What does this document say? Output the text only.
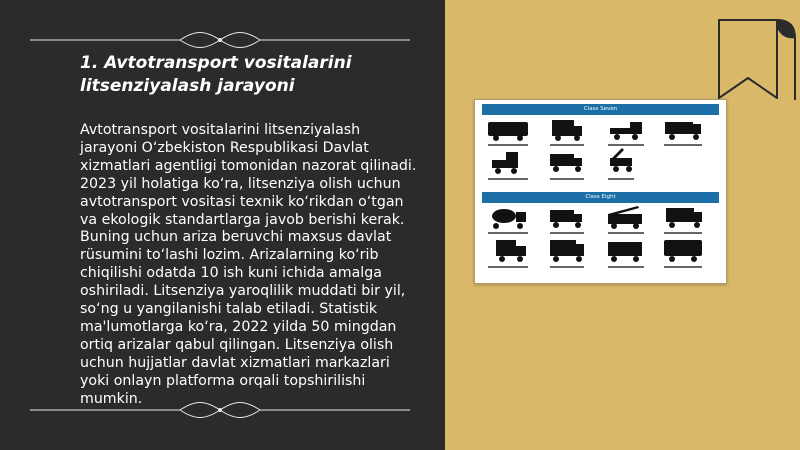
1. Avtotransport vositalarini litsenziyalash jarayoni

Avtotransport vositalarini litsenziyalash jarayoni O‘zbekiston Respublikasi Davlat xizmatlari agentligi tomonidan nazorat qilinadi. 2023 yil holatiga ko‘ra, litsenziya olish uchun avtotransport vositasi texnik ko‘rikdan o‘tgan va ekologik standartlarga javob berishi kerak. Buning uchun ariza beruvchi maxsus davlat rüsumini to‘lashi lozim. Arizalarning ko‘rib chiqilishi odatda 10 ish kuni ichida amalga oshiriladi. Litsenziya yaroqlilik muddati bir yil, so‘ng u yangilanishi talab etiladi. Statistik ma'lumotlarga ko‘ra, 2022 yilda 50 mingdan ortiq arizalar qabul qilingan. Litsenziya olish uchun hujjatlar davlat xizmatlari markazlari yoki onlayn platforma orqali topshirilishi mumkin.

Class Seven
Class Eight
